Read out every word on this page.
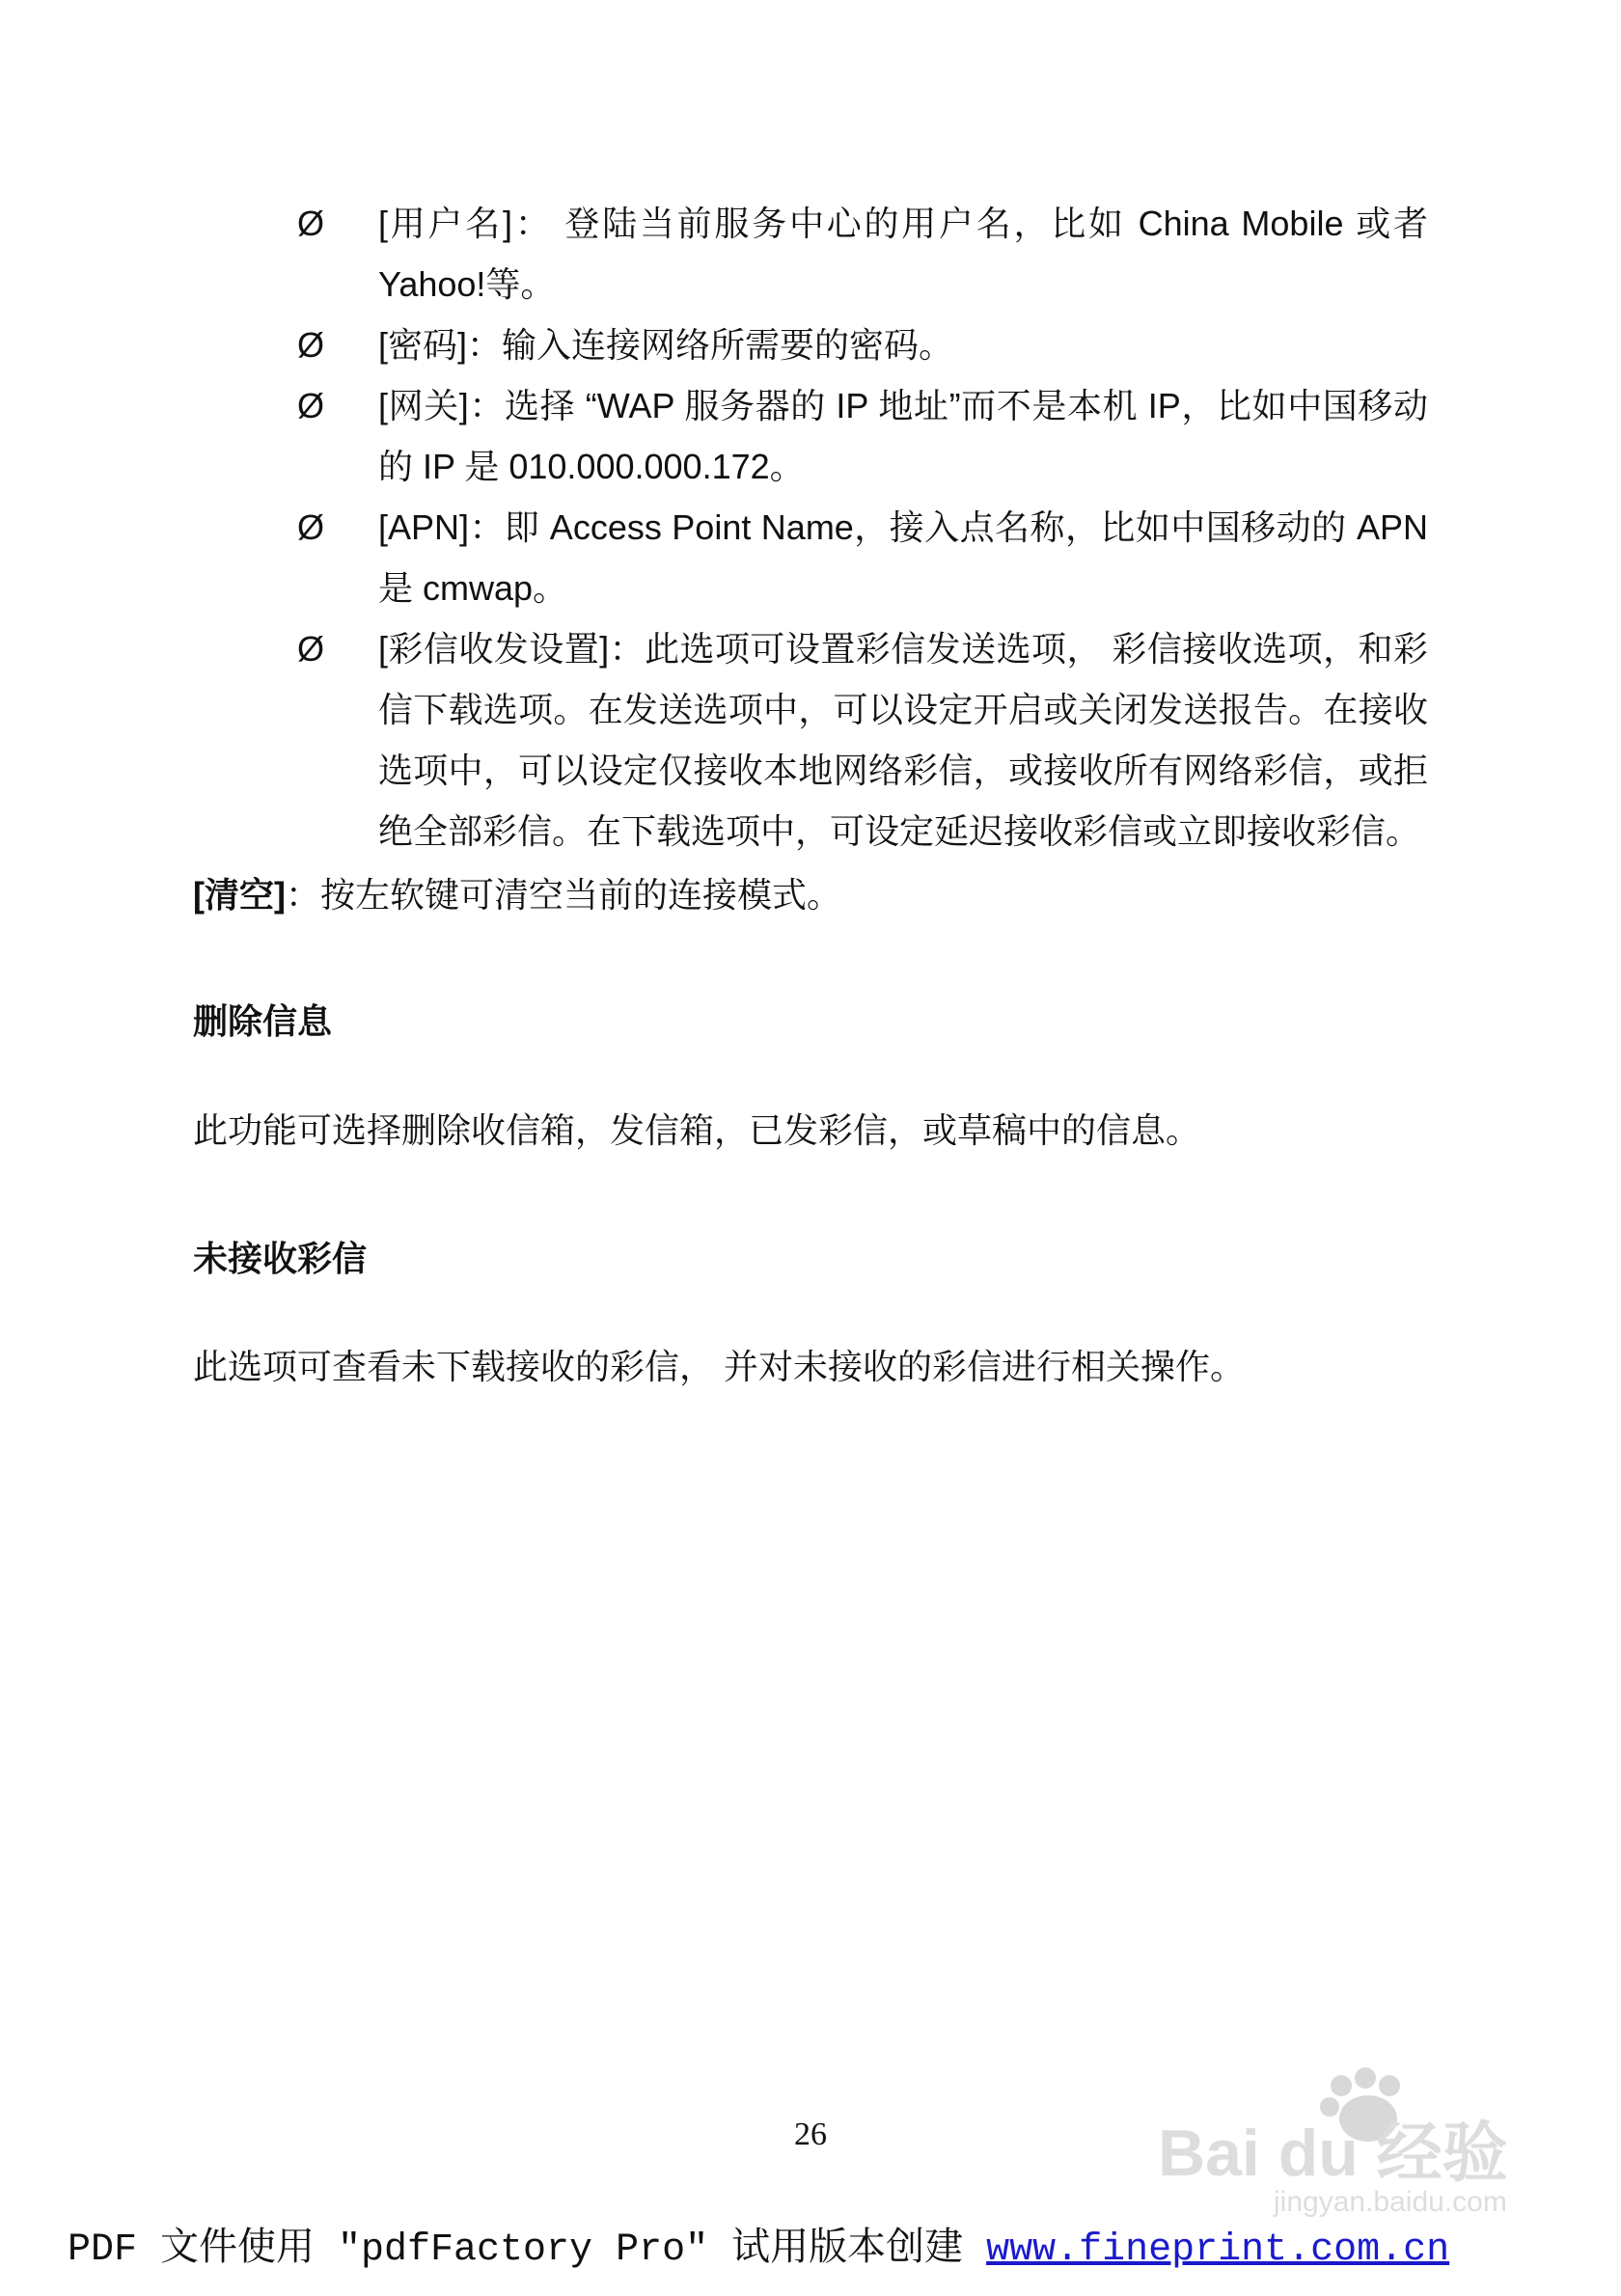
Ø [用户名]： 登陆当前服务中心的用户名，比如 China Mobile 或者 Yahoo!等。
Ø [密码]：输入连接网络所需要的密码。
Ø [网关]：选择 “WAP 服务器的 IP 地址”而不是本机 IP，比如中国移动的 IP 是 010.000.000.172。
Ø [APN]：即 Access Point Name，接入点名称，比如中国移动的 APN 是 cmwap。
Ø [彩信收发设置]：此选项可设置彩信发送选项， 彩信接收选项，和彩信下载选项。在发送选项中，可以设定开启或关闭发送报告。在接收选项中，可以设定仅接收本地网络彩信，或接收所有网络彩信，或拒绝全部彩信。在下载选项中，可设定延迟接收彩信或立即接收彩信。

[清空]：按左软键可清空当前的连接模式。

删除信息

此功能可选择删除收信箱，发信箱，已发彩信，或草稿中的信息。

未接收彩信

此选项可查看未下载接收的彩信， 并对未接收的彩信进行相关操作。

26	Bai du 经验
jingyan.baidu.com
PDF 文件使用 "pdfFactory Pro" 试用版本创建 www.fineprint.com.cn
